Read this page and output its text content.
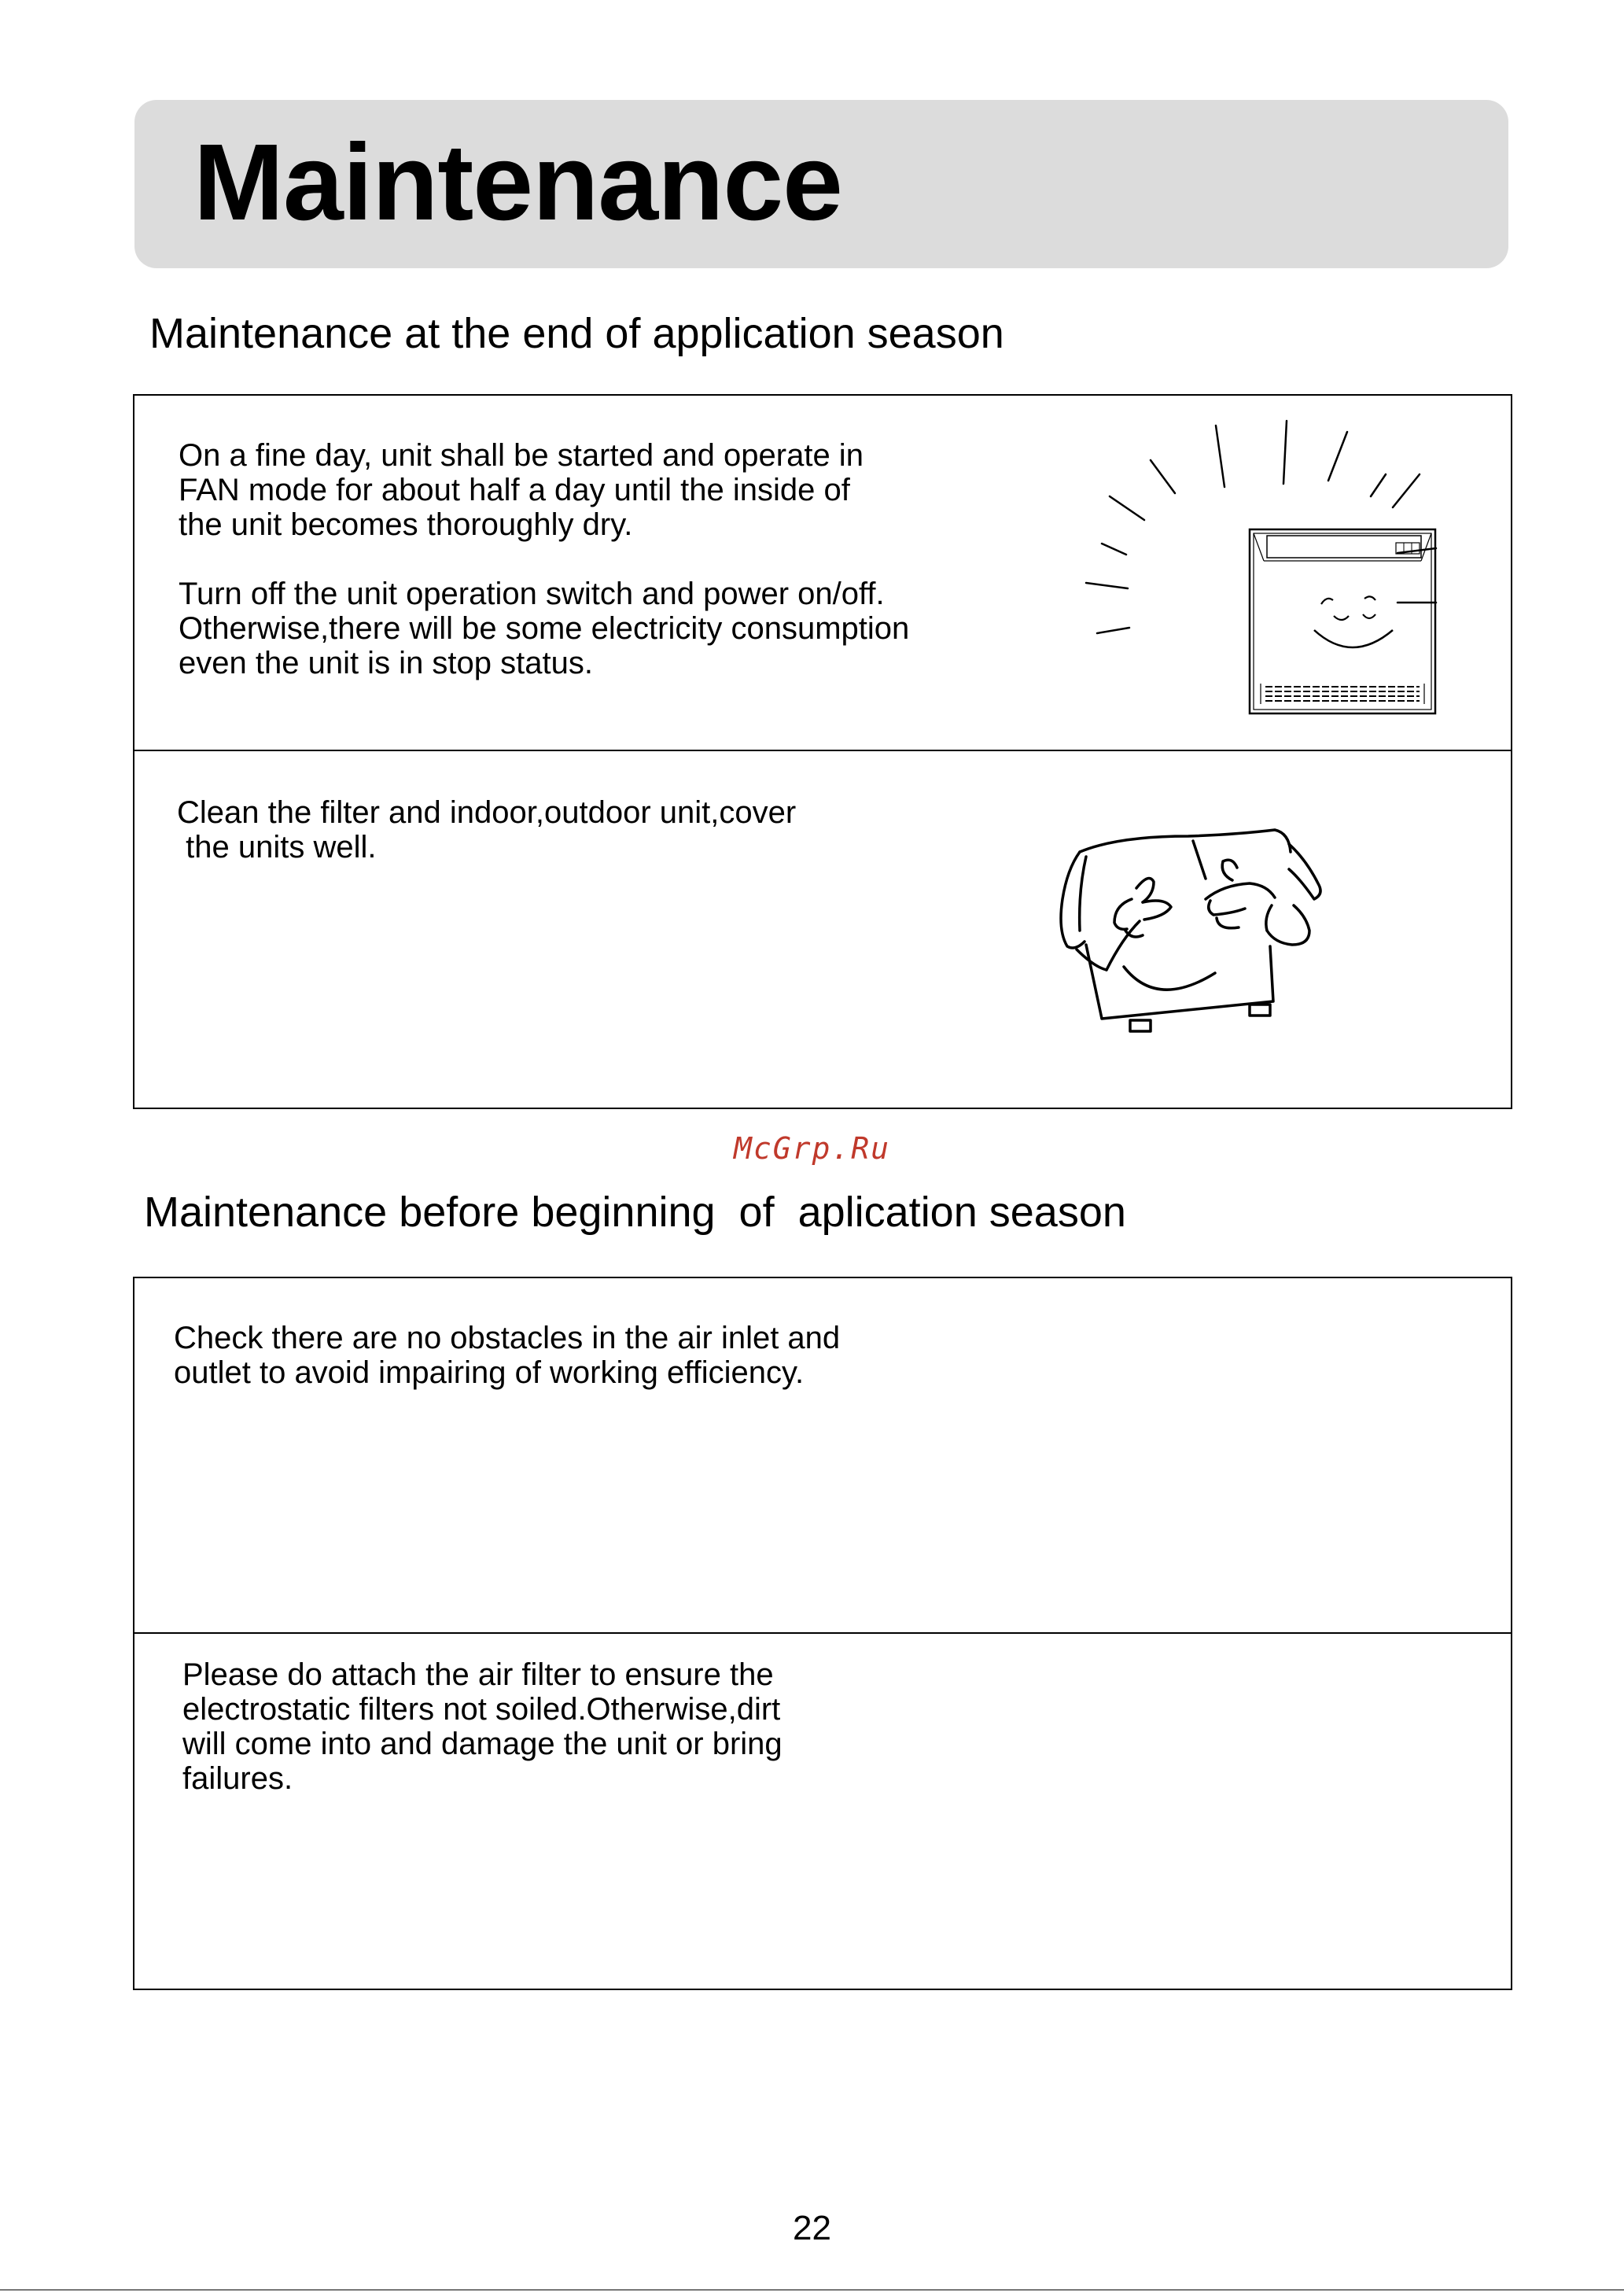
Maintenance
Maintenance at the end of application season

On a fine day, unit shall be started and operate in
FAN mode for about half a day until the inside of
the unit becomes thoroughly dry.

Turn off the unit operation switch and power on/off.
Otherwise,there will be some electricity consumption
even the unit is in stop status.

Clean the filter and indoor,outdoor unit,cover
the units well.

McGrp.Ru
Maintenance before beginning  of  aplication season

Check there are no obstacles in the air inlet and
outlet to avoid impairing of working efficiency.

Please do attach the air filter to ensure the
electrostatic filters not soiled.Otherwise,dirt
will come into and damage the unit or bring
failures.

22
